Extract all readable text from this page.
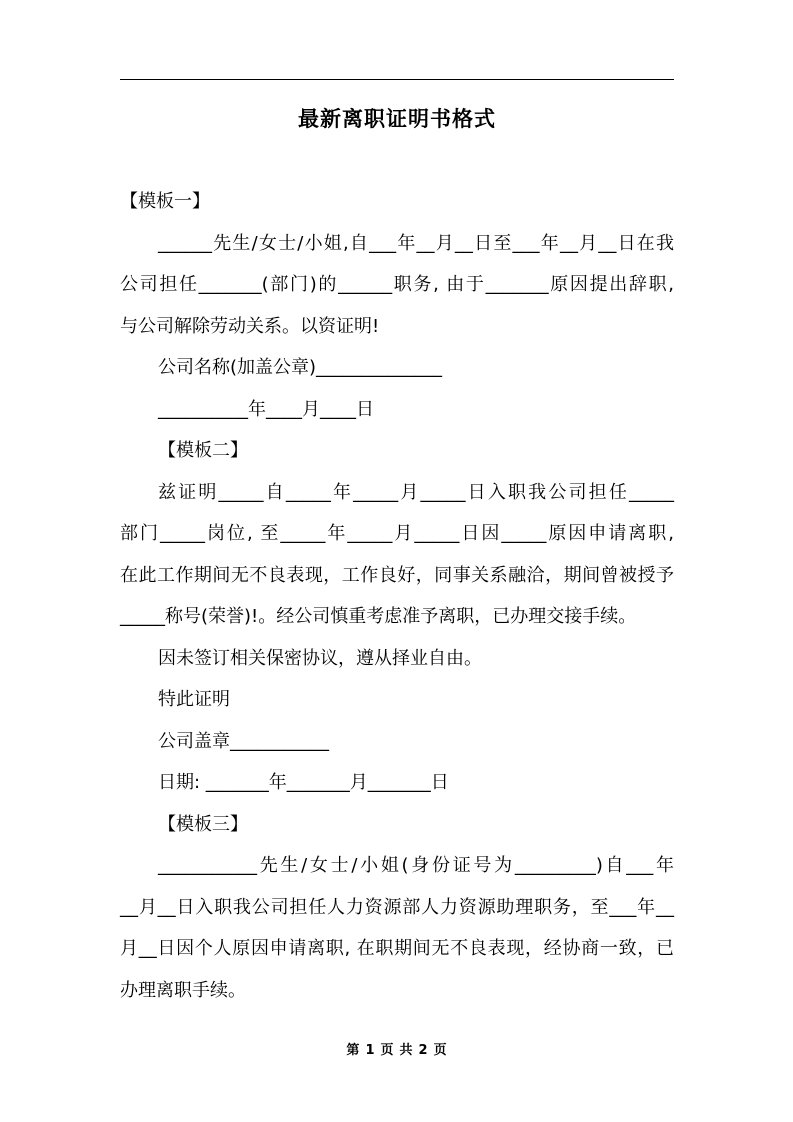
最新离职证明书格式
【模板一】
______先生/女士/小姐,自___年__月__日至___年__月__日在我
公司担任_______(部门)的______职务, 由于_______原因提出辞职,
与公司解除劳动关系。以资证明!
公司名称(加盖公章)______________
__________年____月____日
【模板二】
兹证明_____自_____年_____月_____日入职我公司担任_____
部门_____岗位, 至_____年_____月_____日因_____原因申请离职,
在此工作期间无不良表现，工作良好，同事关系融洽，期间曾被授予
_____称号(荣誉)!。经公司慎重考虑准予离职，已办理交接手续。
因未签订相关保密协议，遵从择业自由。
特此证明
公司盖章___________
日期: _______年_______月_______日
【模板三】
___________先生/女士/小姐(身份证号为_________)自___年
__月__日入职我公司担任人力资源部人力资源助理职务，至___年__
月__日因个人原因申请离职, 在职期间无不良表现，经协商一致，已
办理离职手续。
第 1 页 共 2 页
